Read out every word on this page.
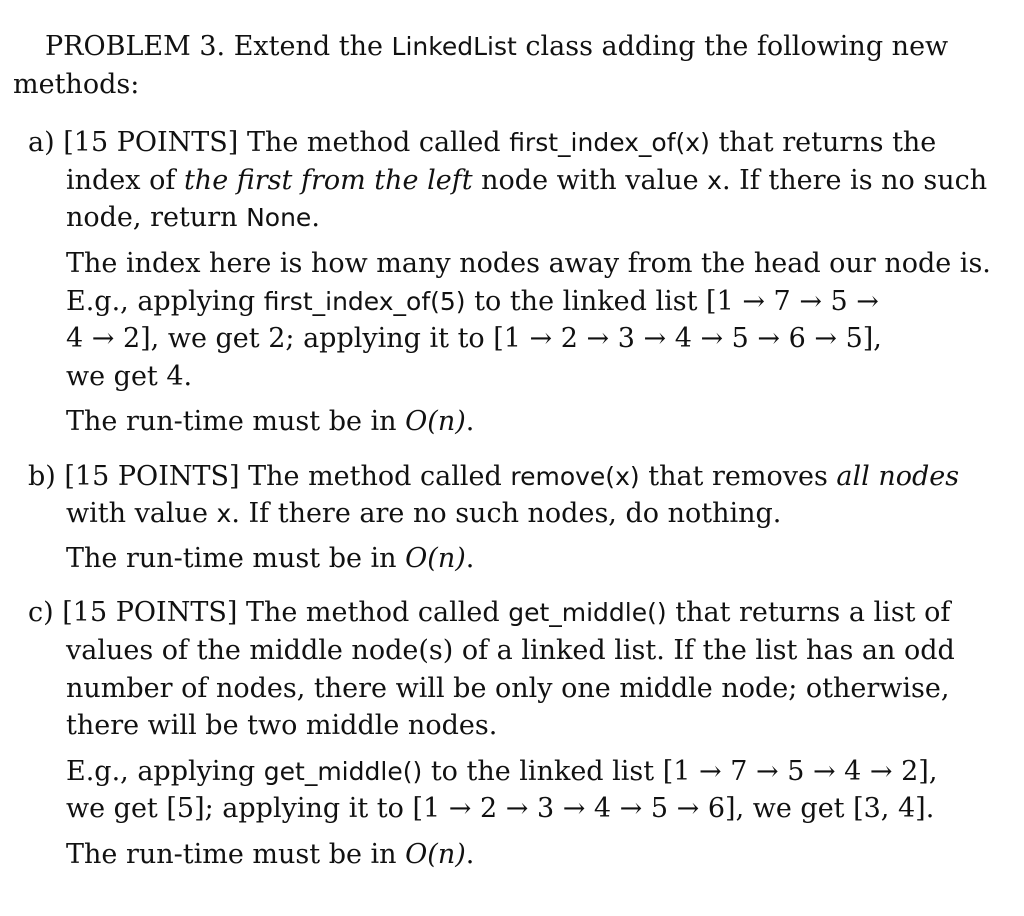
PROBLEM 3. Extend the LinkedList class adding the following new
methods:
a) [15 POINTS] The method called first_index_of(x) that returns the
index of the first from the left node with value x. If there is no such
node, return None.
The index here is how many nodes away from the head our node is.
E.g., applying first_index_of(5) to the linked list [1 → 7 → 5 →
4 → 2], we get 2; applying it to [1 → 2 → 3 → 4 → 5 → 6 → 5],
we get 4.
The run-time must be in O(n).
b) [15 POINTS] The method called remove(x) that removes all nodes
with value x. If there are no such nodes, do nothing.
The run-time must be in O(n).
c) [15 POINTS] The method called get_middle() that returns a list of
values of the middle node(s) of a linked list. If the list has an odd
number of nodes, there will be only one middle node; otherwise,
there will be two middle nodes.
E.g., applying get_middle() to the linked list [1 → 7 → 5 → 4 → 2],
we get [5]; applying it to [1 → 2 → 3 → 4 → 5 → 6], we get [3, 4].
The run-time must be in O(n).
